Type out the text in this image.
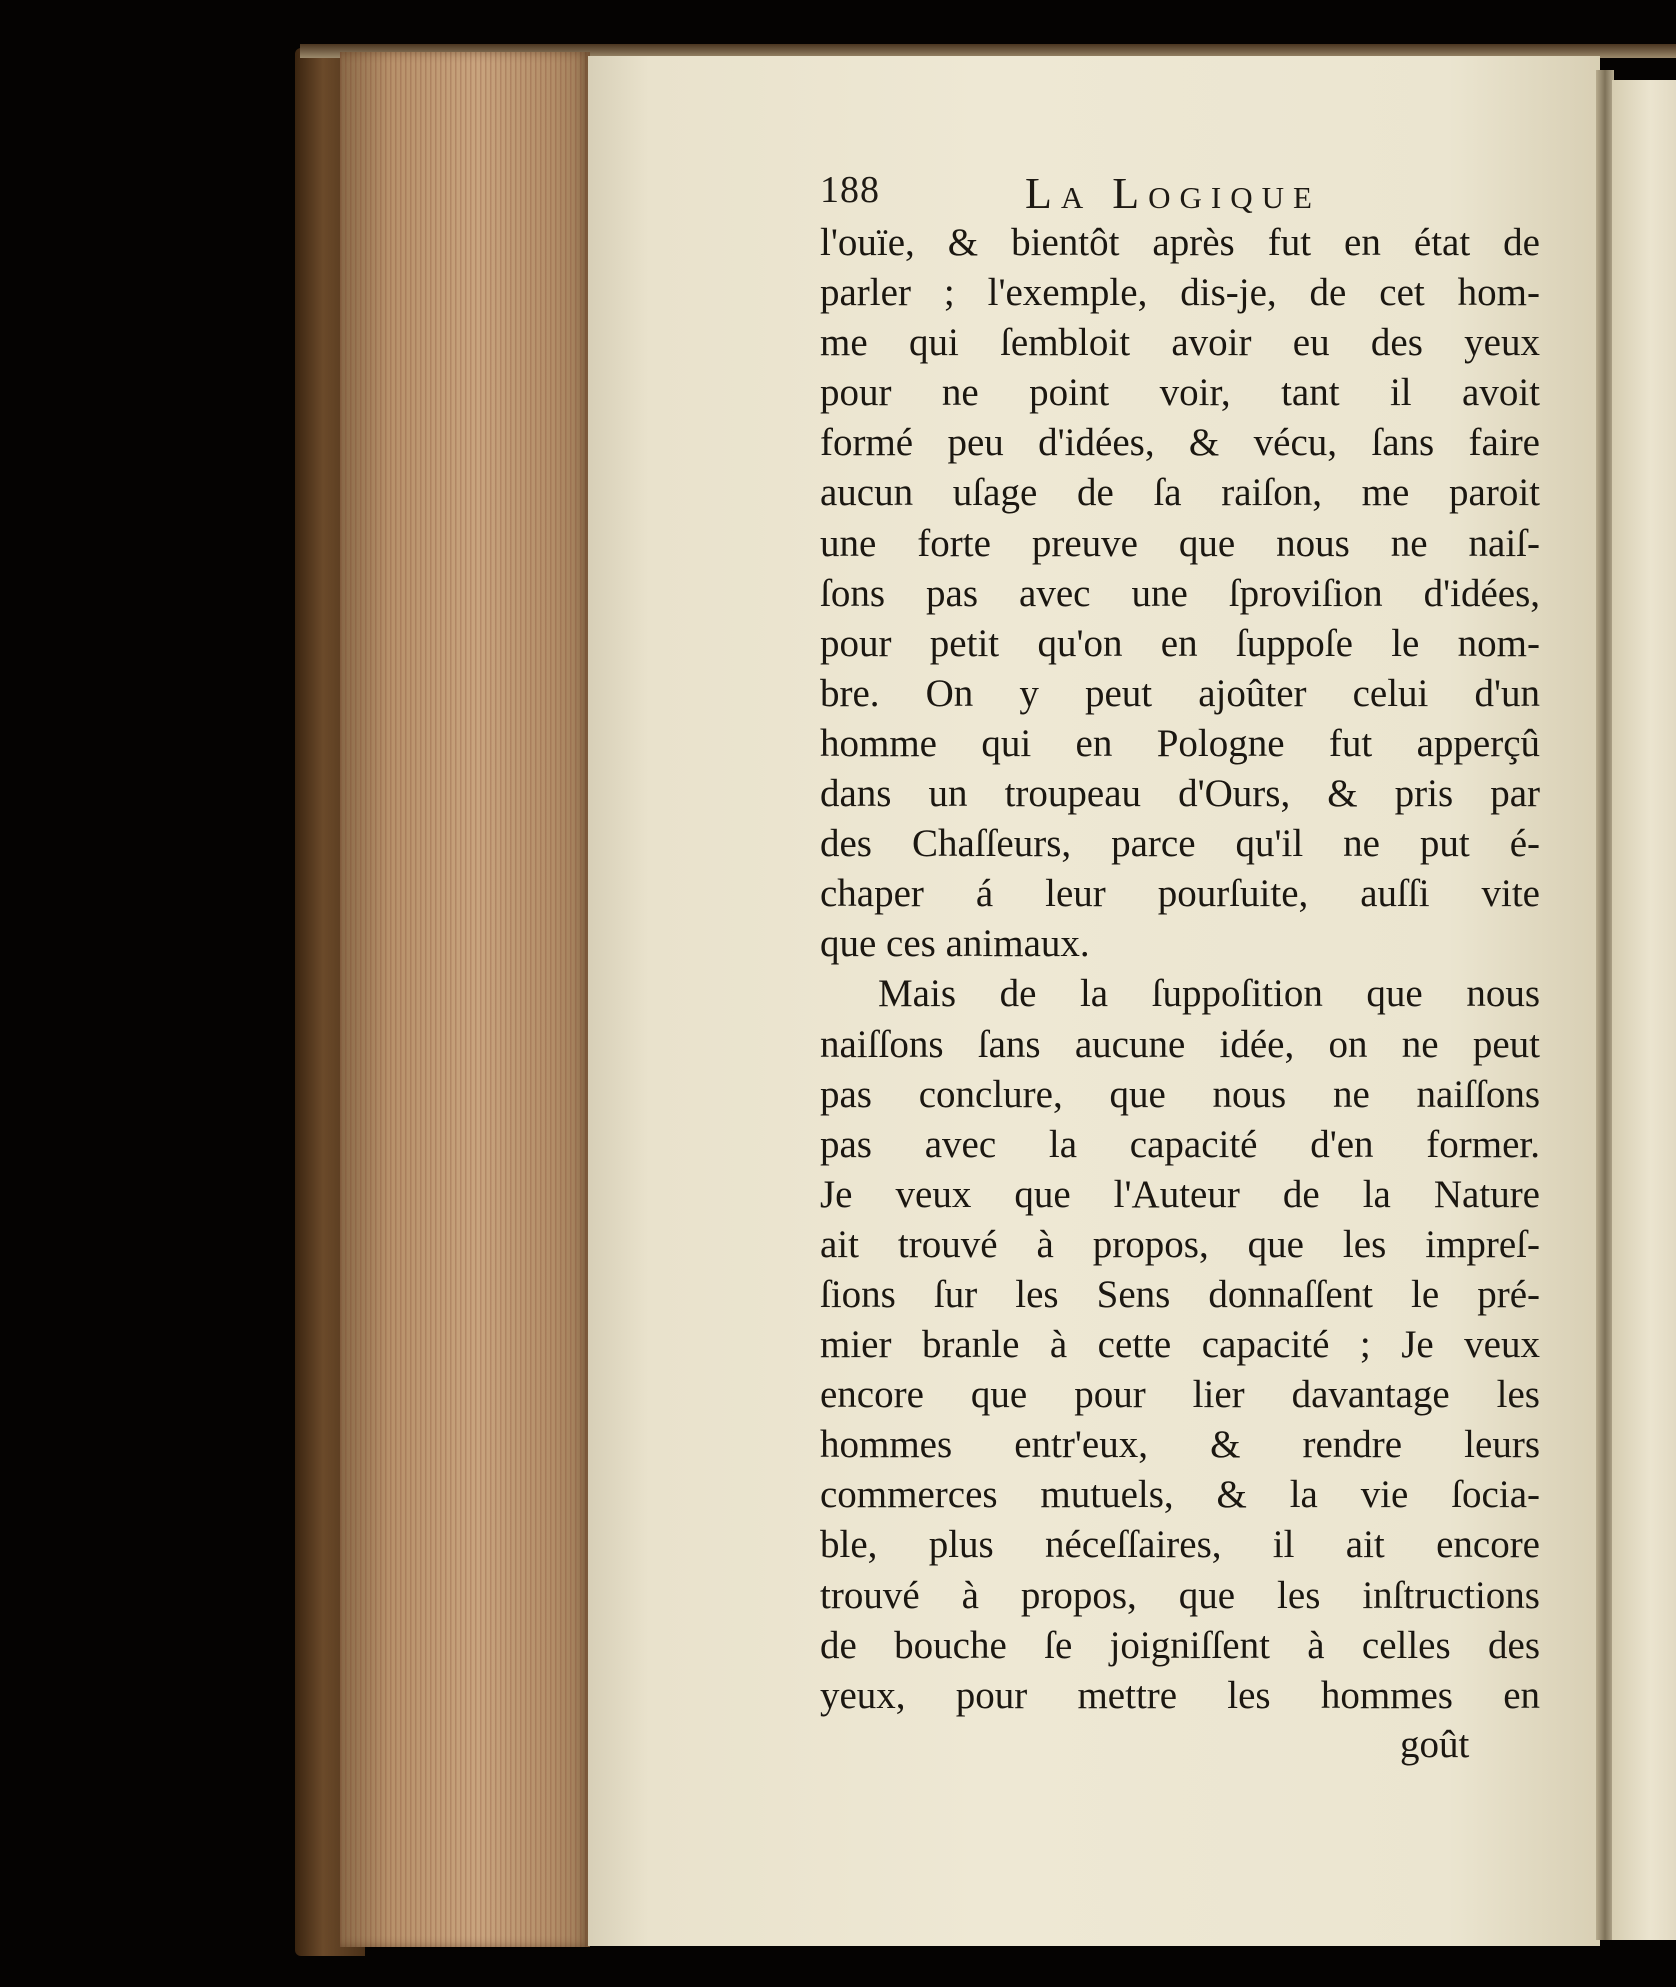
188	La Logique
l'ouïe, & bientôt après fut en état de
parler ; l'exemple, dis-je, de cet hom-
me qui ſembloit avoir eu des yeux
pour ne point voir, tant il avoit
formé peu d'idées, & vécu, ſans faire
aucun uſage de ſa raiſon, me paroit
une forte preuve que nous ne naiſ-
ſons pas avec une ſproviſion d'idées,
pour petit qu'on en ſuppoſe le nom-
bre. On y peut ajoûter celui d'un
homme qui en Pologne fut apperçû
dans un troupeau d'Ours, & pris par
des Chaſſeurs, parce qu'il ne put é-
chaper á leur pourſuite, auſſi vite
que ces animaux.
Mais de la ſuppoſition que nous
naiſſons ſans aucune idée, on ne peut
pas conclure, que nous ne naiſſons
pas avec la capacité d'en former.
Je veux que l'Auteur de la Nature
ait trouvé à propos, que les impreſ-
ſions ſur les Sens donnaſſent le pré-
mier branle à cette capacité ; Je veux
encore que pour lier davantage les
hommes entr'eux, & rendre leurs
commerces mutuels, & la vie ſocia-
ble, plus néceſſaires, il ait encore
trouvé à propos, que les inſtructions
de bouche ſe joigniſſent à celles des
yeux, pour mettre les hommes en
goût
